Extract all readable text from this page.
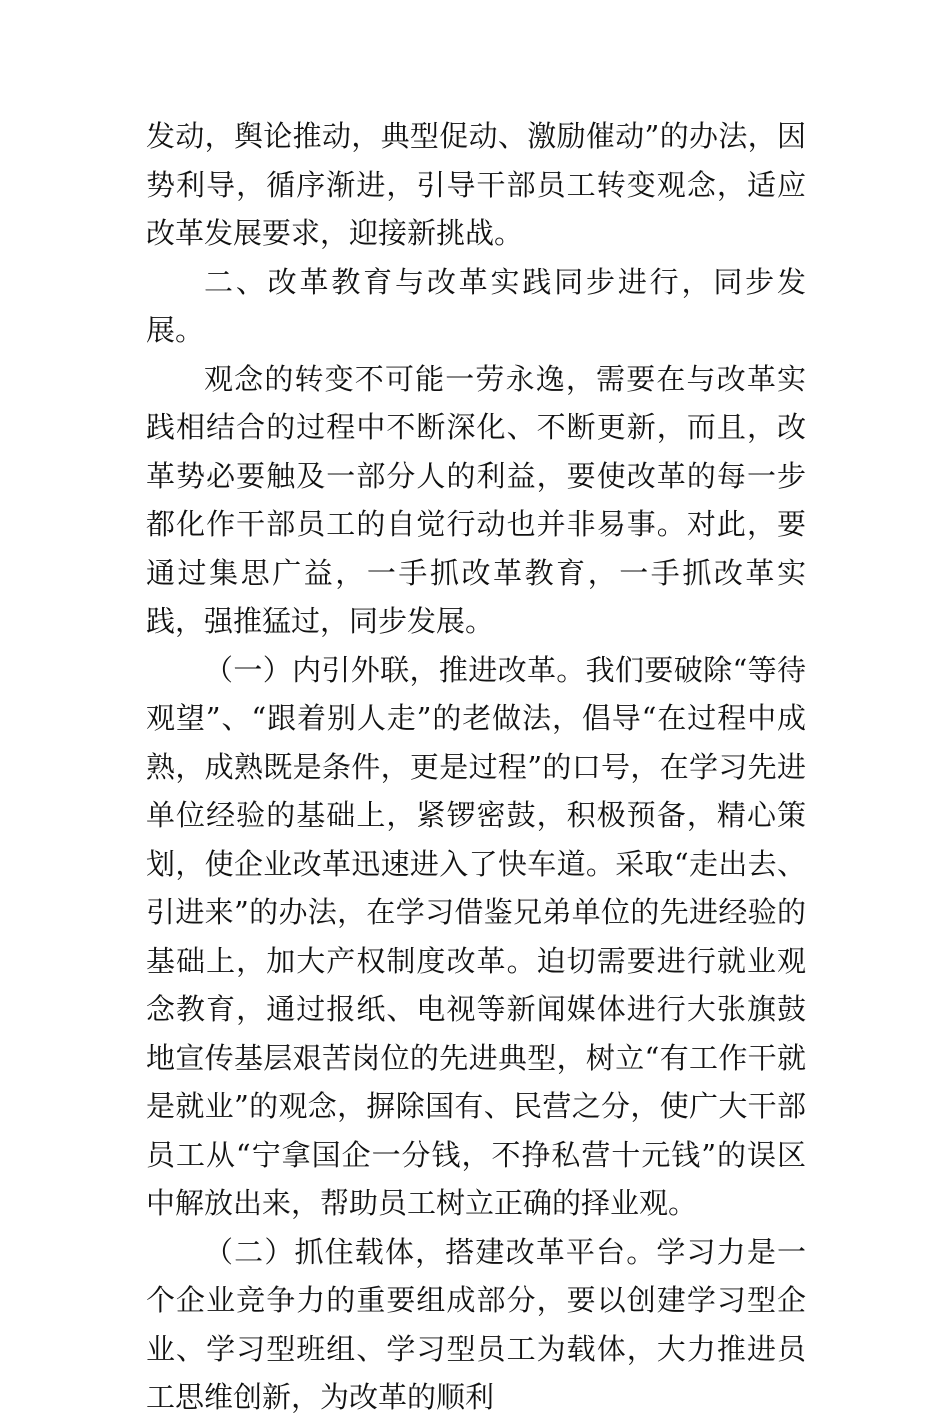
发动，舆论推动，典型促动、激励催动”的办法，因势利导，循序渐进，引导干部员工转变观念，适应改革发展要求，迎接新挑战。

二、改革教育与改革实践同步进行，同步发展。

观念的转变不可能一劳永逸，需要在与改革实践相结合的过程中不断深化、不断更新，而且，改革势必要触及一部分人的利益，要使改革的每一步都化作干部员工的自觉行动也并非易事。对此，要通过集思广益，一手抓改革教育，一手抓改革实践，强推猛过，同步发展。

（一）内引外联，推进改革。我们要破除“等待观望”、“跟着别人走”的老做法，倡导“在过程中成熟，成熟既是条件，更是过程”的口号，在学习先进单位经验的基础上，紧锣密鼓，积极预备，精心策划，使企业改革迅速进入了快车道。采取“走出去、引进来”的办法，在学习借鉴兄弟单位的先进经验的基础上，加大产权制度改革。迫切需要进行就业观念教育，通过报纸、电视等新闻媒体进行大张旗鼓地宣传基层艰苦岗位的先进典型，树立“有工作干就是就业”的观念，摒除国有、民营之分，使广大干部员工从“宁拿国企一分钱，不挣私营十元钱”的误区中解放出来，帮助员工树立正确的择业观。

（二）抓住载体，搭建改革平台。学习力是一个企业竞争力的重要组成部分，要以创建学习型企业、学习型班组、学习型员工为载体，大力推进员工思维创新，为改革的顺利
